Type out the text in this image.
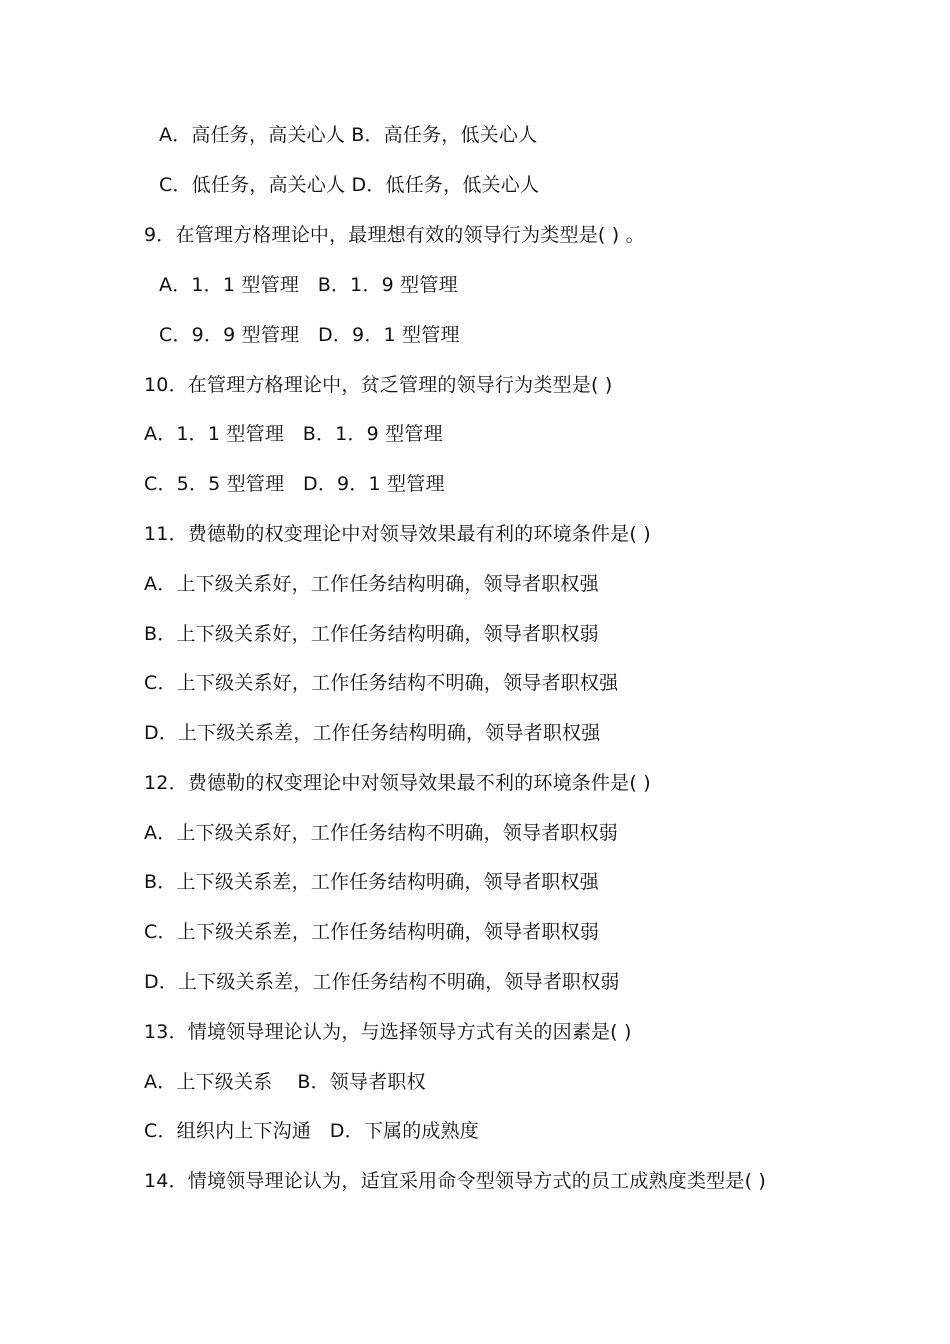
A．高任务，高关心人 B．高任务，低关心人
C．低任务，高关心人 D．低任务，低关心人
9．在管理方格理论中，最理想有效的领导行为类型是( ) 。
A．1．1 型管理   B．1．9 型管理
C．9．9 型管理   D．9．1 型管理
10．在管理方格理论中，贫乏管理的领导行为类型是( )
A．1．1 型管理   B．1．9 型管理
C．5．5 型管理   D．9．1 型管理
11．费德勒的权变理论中对领导效果最有利的环境条件是( )
A．上下级关系好，工作任务结构明确，领导者职权强
B．上下级关系好，工作任务结构明确，领导者职权弱
C．上下级关系好，工作任务结构不明确，领导者职权强
D．上下级关系差，工作任务结构明确，领导者职权强
12．费德勒的权变理论中对领导效果最不利的环境条件是( )
A．上下级关系好，工作任务结构不明确，领导者职权弱
B．上下级关系差，工作任务结构明确，领导者职权强
C．上下级关系差，工作任务结构明确，领导者职权弱
D．上下级关系差，工作任务结构不明确，领导者职权弱
13．情境领导理论认为，与选择领导方式有关的因素是( )
A．上下级关系    B．领导者职权
C．组织内上下沟通   D．下属的成熟度
14．情境领导理论认为，适宜采用命令型领导方式的员工成熟度类型是( )
